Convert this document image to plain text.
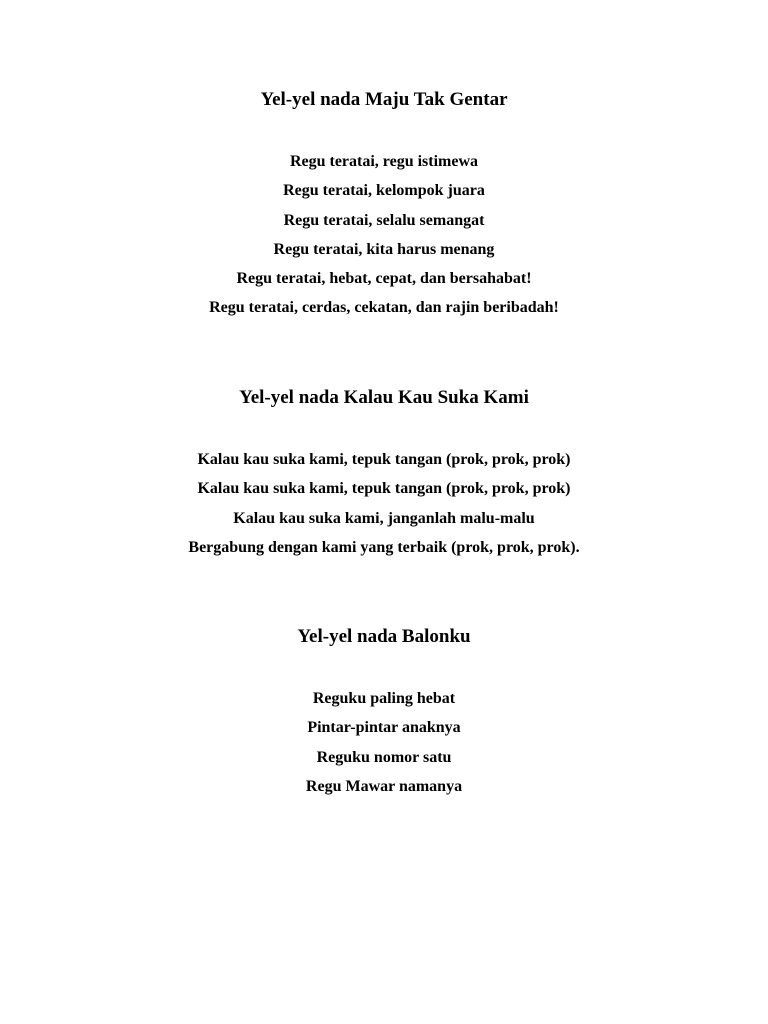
Yel-yel nada Maju Tak Gentar

Regu teratai, regu istimewa

Regu teratai, kelompok juara

Regu teratai, selalu semangat

Regu teratai, kita harus menang

Regu teratai, hebat, cepat, dan bersahabat!

Regu teratai, cerdas, cekatan, dan rajin beribadah!

Yel-yel nada Kalau Kau Suka Kami

Kalau kau suka kami, tepuk tangan (prok, prok, prok)

Kalau kau suka kami, tepuk tangan (prok, prok, prok)

Kalau kau suka kami, janganlah malu-malu

Bergabung dengan kami yang terbaik (prok, prok, prok).

Yel-yel nada Balonku

Reguku paling hebat

Pintar-pintar anaknya

Reguku nomor satu

Regu Mawar namanya
